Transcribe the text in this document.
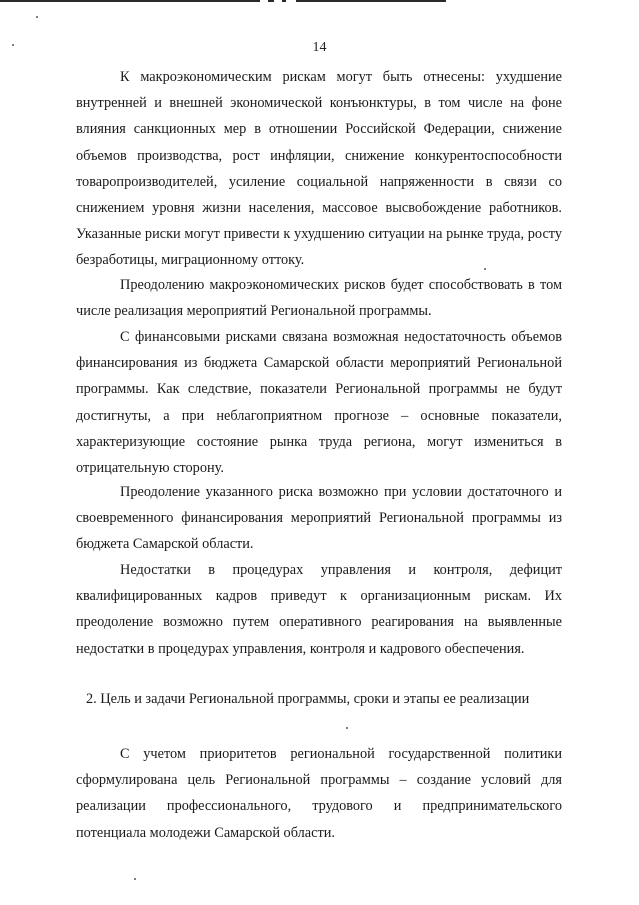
14

К макроэкономическим рискам могут быть отнесены: ухудшение внутренней и внешней экономической конъюнктуры, в том числе на фоне влияния санкционных мер в отношении Российской Федерации, снижение объемов производства, рост инфляции, снижение конкурентоспособности товаропроизводителей, усиление социальной напряженности в связи со снижением уровня жизни населения, массовое высвобождение работников. Указанные риски могут привести к ухудшению ситуации на рынке труда, росту безработицы, миграционному оттоку.

Преодолению макроэкономических рисков будет способствовать в том числе реализация мероприятий Региональной программы.

С финансовыми рисками связана возможная недостаточность объемов финансирования из бюджета Самарской области мероприятий Региональной программы. Как следствие, показатели Региональной программы не будут достигнуты, а при неблагоприятном прогнозе – основные показатели, характеризующие состояние рынка труда региона, могут измениться в отрицательную сторону.

Преодоление указанного риска возможно при условии достаточного и своевременного финансирования мероприятий Региональной программы из бюджета Самарской области.

Недостатки в процедурах управления и контроля, дефицит квалифицированных кадров приведут к организационным рискам. Их преодоление возможно путем оперативного реагирования на выявленные недостатки в процедурах управления, контроля и кадрового обеспечения.

2. Цель и задачи Региональной программы, сроки и этапы ее реализации

С учетом приоритетов региональной государственной политики сформулирована цель Региональной программы – создание условий для реализации профессионального, трудового и предпринимательского потенциала молодежи Самарской области.
